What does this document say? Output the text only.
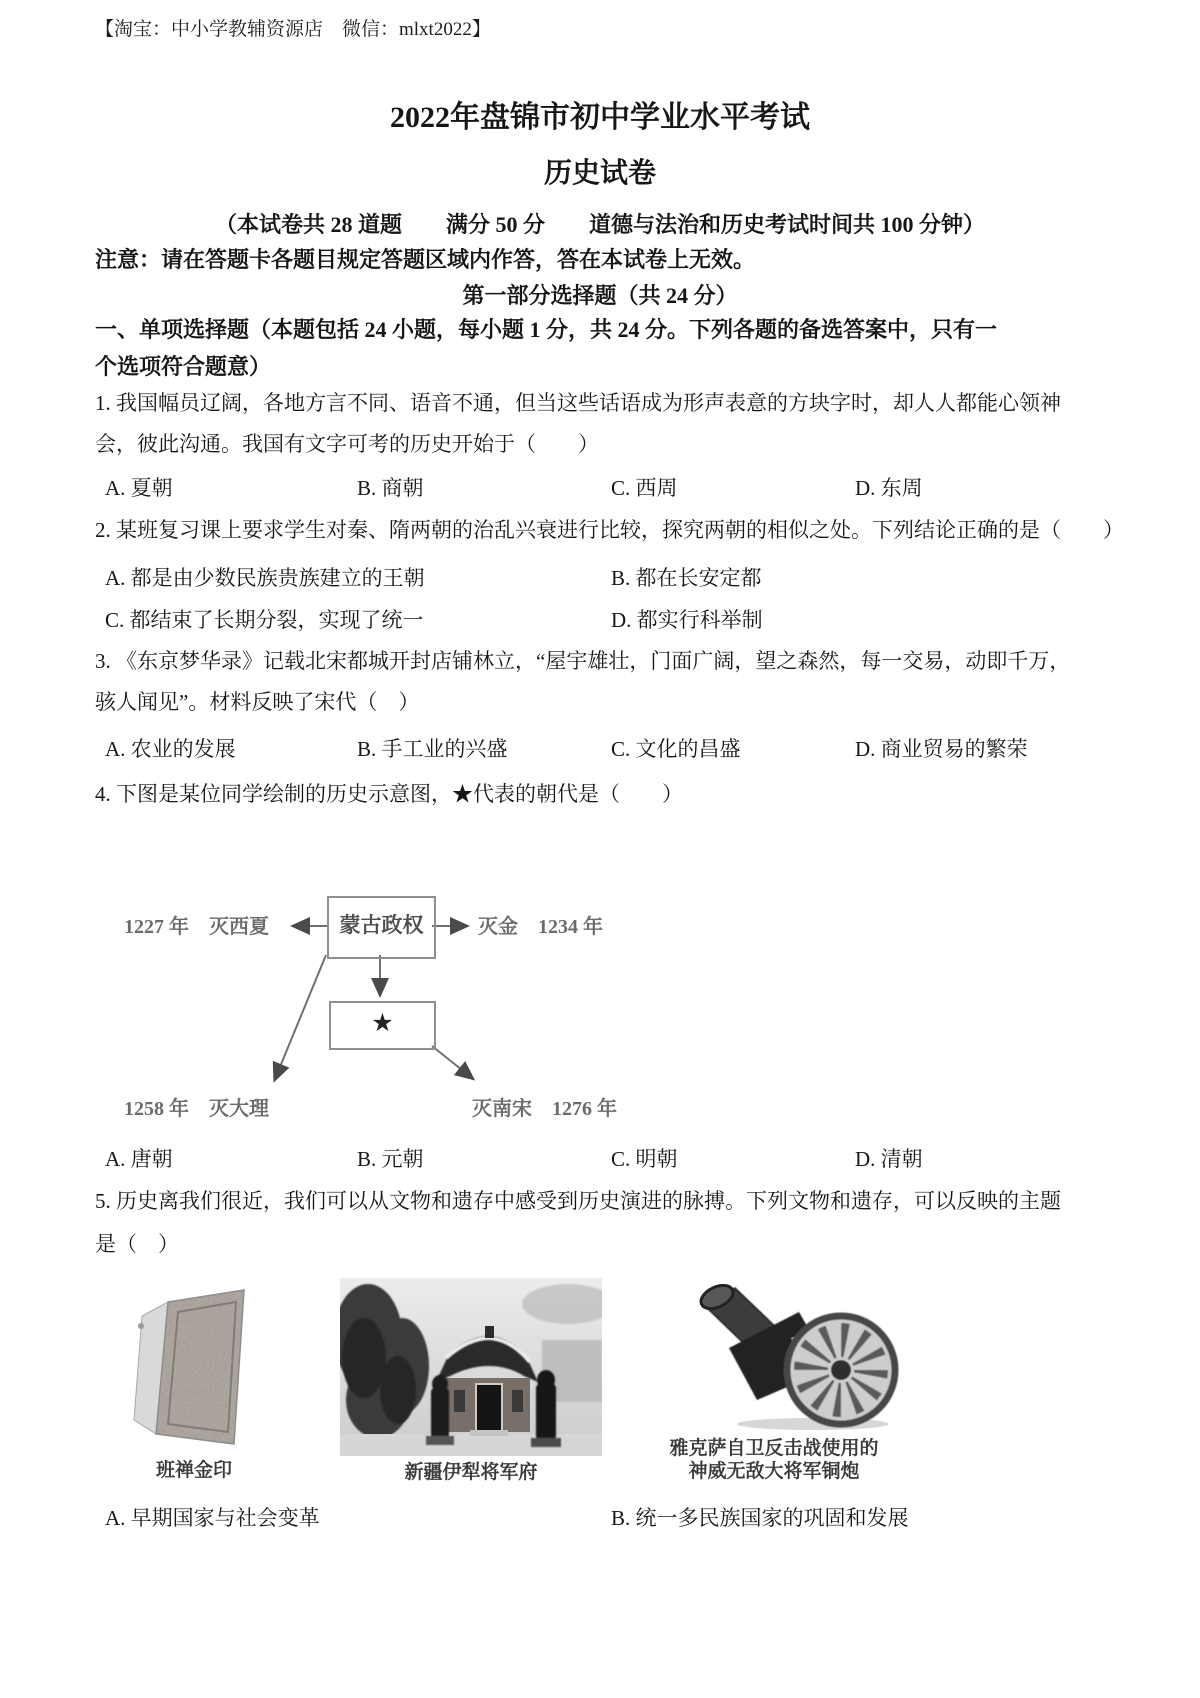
【淘宝：中小学教辅资源店　微信：mlxt2022】
2022年盘锦市初中学业水平考试
历史试卷
（本试卷共 28 道题　　满分 50 分　　道德与法治和历史考试时间共 100 分钟）
注意：请在答题卡各题目规定答题区域内作答，答在本试卷上无效。
第一部分选择题（共 24 分）
一、单项选择题（本题包括 24 小题，每小题 1 分，共 24 分。下列各题的备选答案中，只有一
个选项符合题意）
1. 我国幅员辽阔，各地方言不同、语音不通，但当这些话语成为形声表意的方块字时，却人人都能心领神
会，彼此沟通。我国有文字可考的历史开始于（　　）
A. 夏朝	B. 商朝	C. 西周	D. 东周
2. 某班复习课上要求学生对秦、隋两朝的治乱兴衰进行比较，探究两朝的相似之处。下列结论正确的是（　　）
A. 都是由少数民族贵族建立的王朝	B. 都在长安定都
C. 都结束了长期分裂，实现了统一	D. 都实行科举制
3. 《东京梦华录》记载北宋都城开封店铺林立，“屋宇雄壮，门面广阔，望之森然，每一交易，动即千万，
骇人闻见”。材料反映了宋代（　）
A. 农业的发展	B. 手工业的兴盛	C. 文化的昌盛	D. 商业贸易的繁荣
4. 下图是某位同学绘制的历史示意图，★代表的朝代是（　　）
蒙古政权
★
1227 年　灭西夏	灭金　1234 年
1258 年　灭大理	灭南宋　1276 年
A. 唐朝	B. 元朝	C. 明朝	D. 清朝
5. 历史离我们很近，我们可以从文物和遗存中感受到历史演进的脉搏。下列文物和遗存，可以反映的主题
是（　）
班禅金印	新疆伊犁将军府
雅克萨自卫反击战使用的
神威无敌大将军铜炮
A. 早期国家与社会变革	B. 统一多民族国家的巩固和发展
